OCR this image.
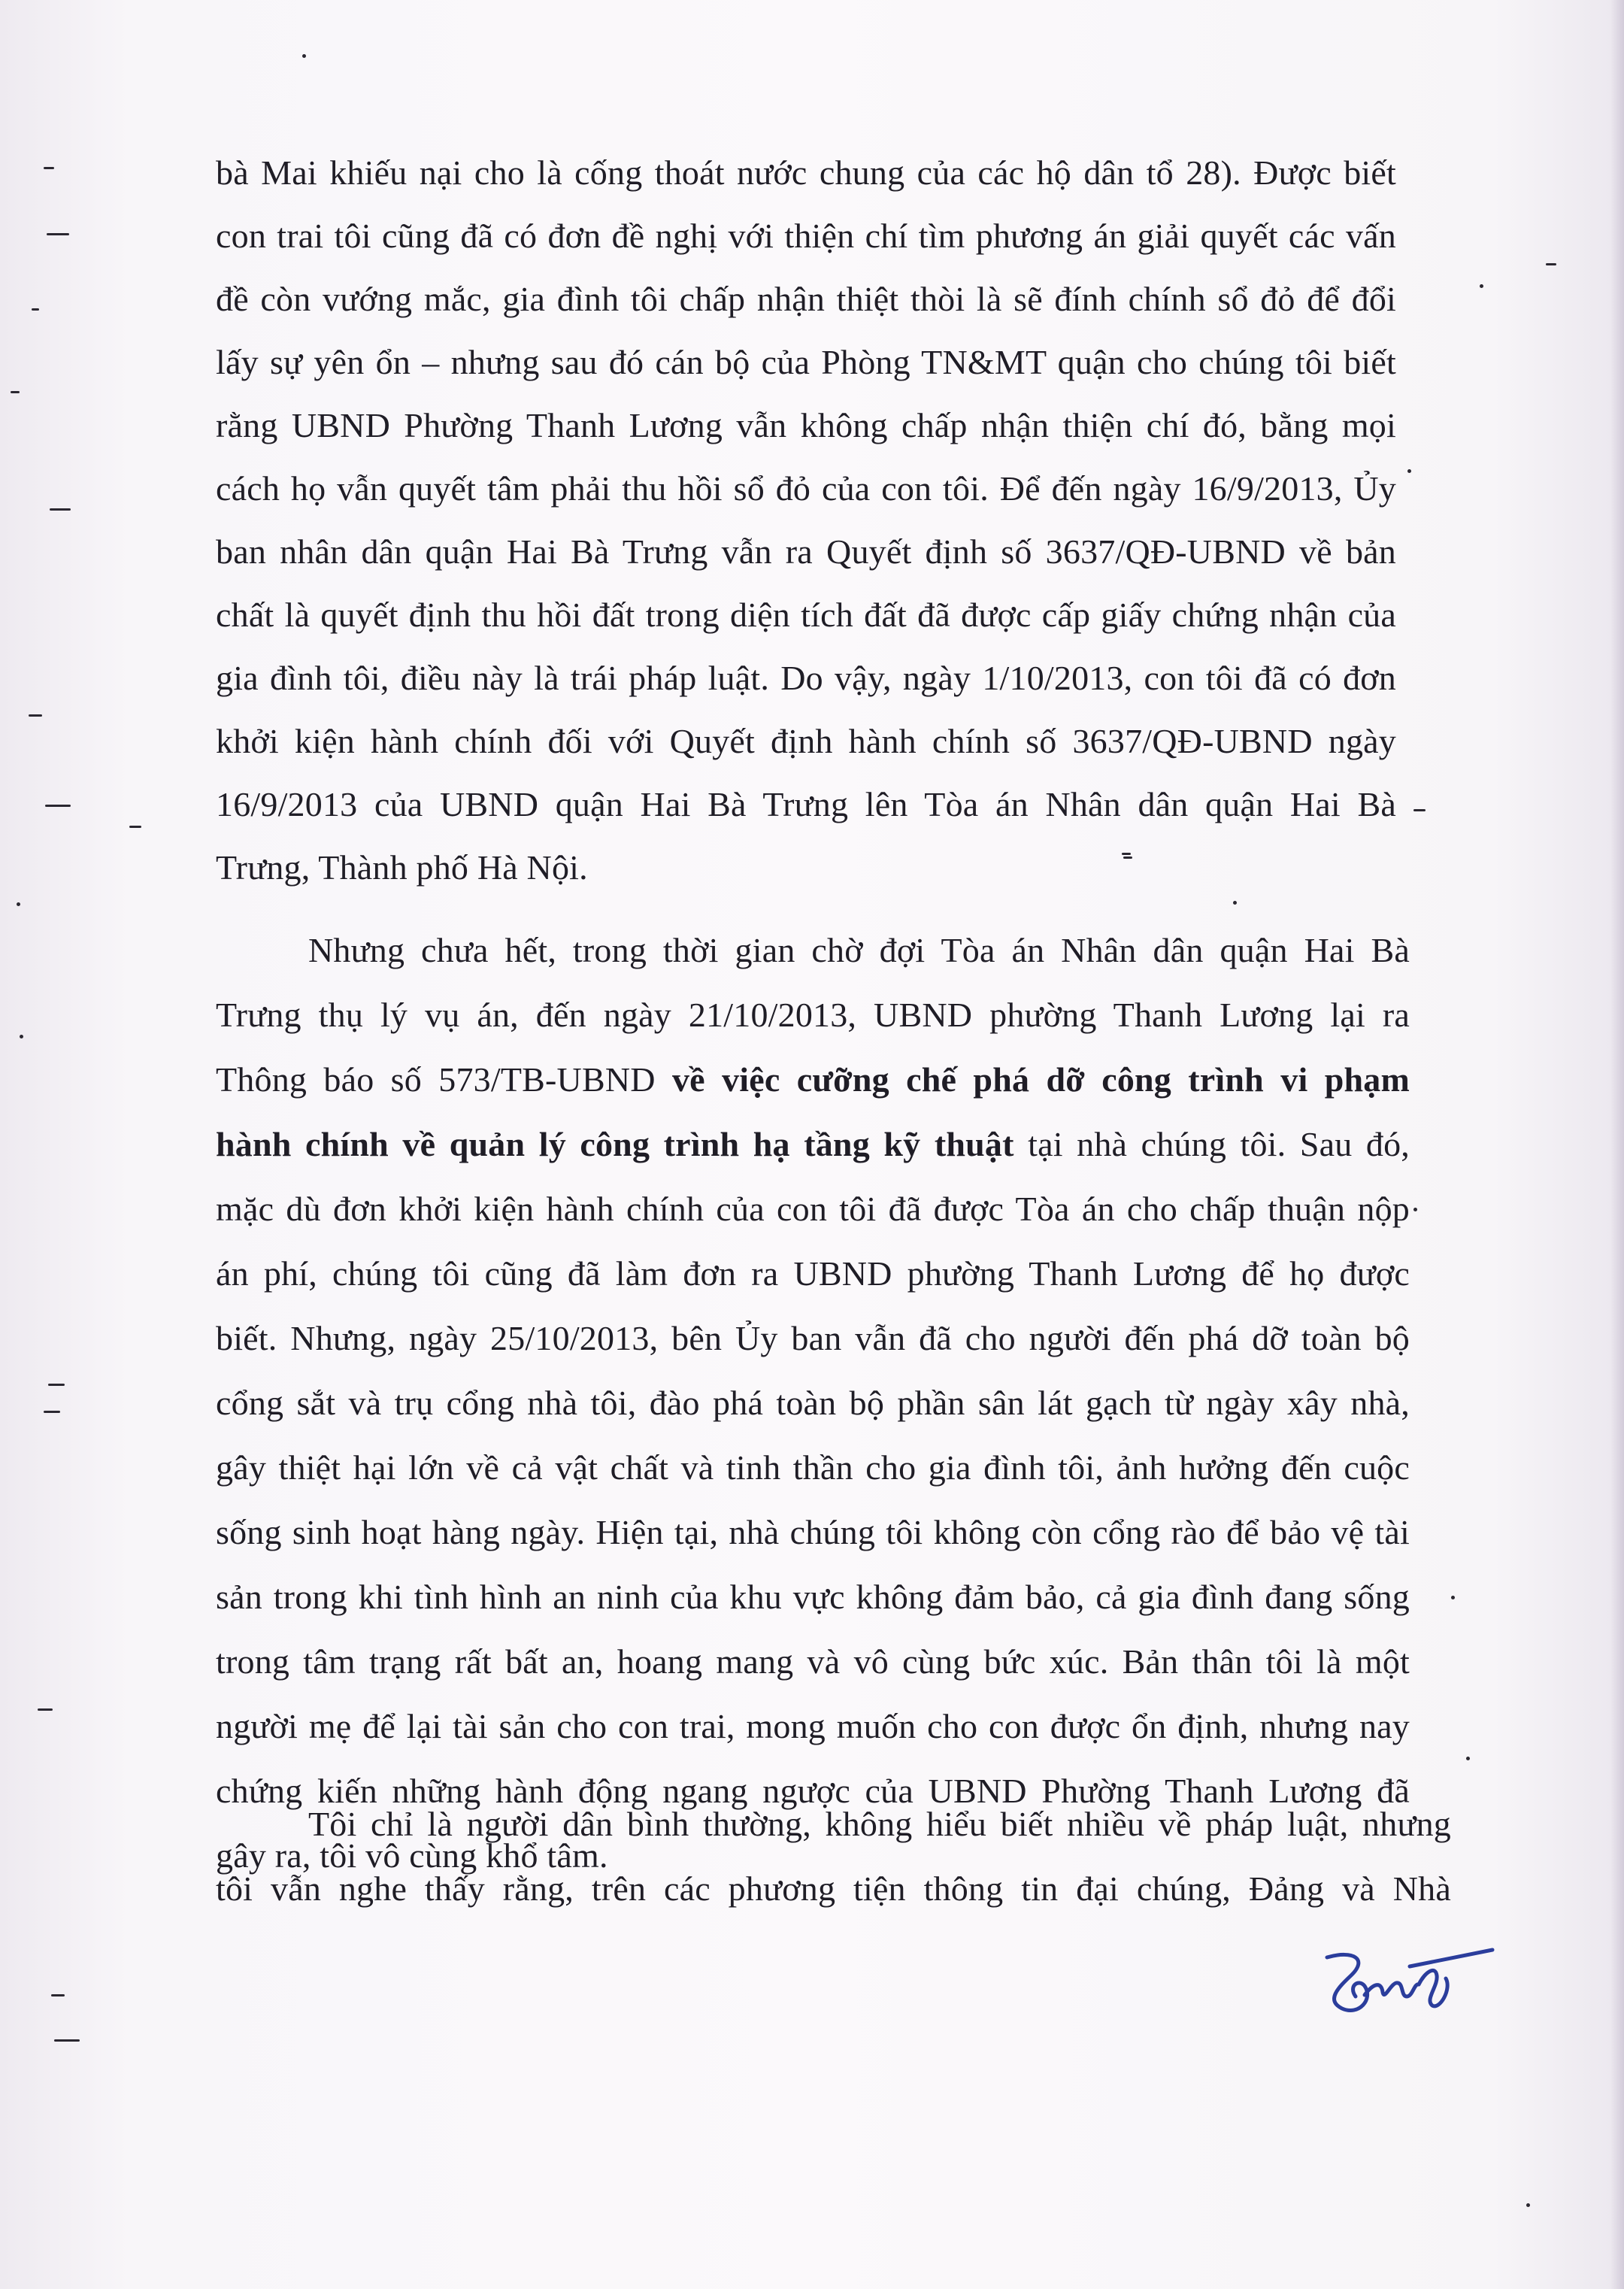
bà Mai khiếu nại cho là cống thoát nước chung của các hộ dân tổ 28). Được biết
con trai tôi cũng đã có đơn đề nghị với thiện chí tìm phương án giải quyết các vấn
đề còn vướng mắc, gia đình tôi chấp nhận thiệt thòi là sẽ đính chính sổ đỏ để đổi
lấy sự yên ổn – nhưng sau đó cán bộ của Phòng TN&MT quận cho chúng tôi biết
rằng UBND Phường Thanh Lương vẫn không chấp nhận thiện chí đó, bằng mọi
cách họ vẫn quyết tâm phải thu hồi sổ đỏ của con tôi. Để đến ngày 16/9/2013, Ủy
ban nhân dân quận Hai Bà Trưng vẫn ra Quyết định số 3637/QĐ-UBND về bản
chất là quyết định thu hồi đất trong diện tích đất đã được cấp giấy chứng nhận của
gia đình tôi, điều này là trái pháp luật. Do vậy, ngày 1/10/2013, con tôi đã có đơn
khởi kiện hành chính đối với Quyết định hành chính số 3637/QĐ-UBND ngày
16/9/2013 của UBND quận Hai Bà Trưng lên Tòa án Nhân dân quận Hai Bà
Trưng, Thành phố Hà Nội.
Nhưng chưa hết, trong thời gian chờ đợi Tòa án Nhân dân quận Hai Bà
Trưng thụ lý vụ án, đến ngày 21/10/2013, UBND phường Thanh Lương lại ra
Thông báo số 573/TB-UBND về việc cưỡng chế phá dỡ công trình vi phạm
hành chính về quản lý công trình hạ tầng kỹ thuật tại nhà chúng tôi. Sau đó,
mặc dù đơn khởi kiện hành chính của con tôi đã được Tòa án cho chấp thuận nộp
án phí, chúng tôi cũng đã làm đơn ra UBND phường Thanh Lương để họ được
biết. Nhưng, ngày 25/10/2013, bên Ủy ban vẫn đã cho người đến phá dỡ toàn bộ
cổng sắt và trụ cổng nhà tôi, đào phá toàn bộ phần sân lát gạch từ ngày xây nhà,
gây thiệt hại lớn về cả vật chất và tinh thần cho gia đình tôi, ảnh hưởng đến cuộc
sống sinh hoạt hàng ngày. Hiện tại, nhà chúng tôi không còn cổng rào để bảo vệ tài
sản trong khi tình hình an ninh của khu vực không đảm bảo, cả gia đình đang sống
trong tâm trạng rất bất an, hoang mang và vô cùng bức xúc. Bản thân tôi là một
người mẹ để lại tài sản cho con trai, mong muốn cho con được ổn định, nhưng nay
chứng kiến những hành động ngang ngược của UBND Phường Thanh Lương đã
gây ra, tôi vô cùng khổ tâm.
Tôi chỉ là người dân bình thường, không hiểu biết nhiều về pháp luật, nhưng
tôi vẫn nghe thấy rằng, trên các phương tiện thông tin đại chúng, Đảng và Nhà
